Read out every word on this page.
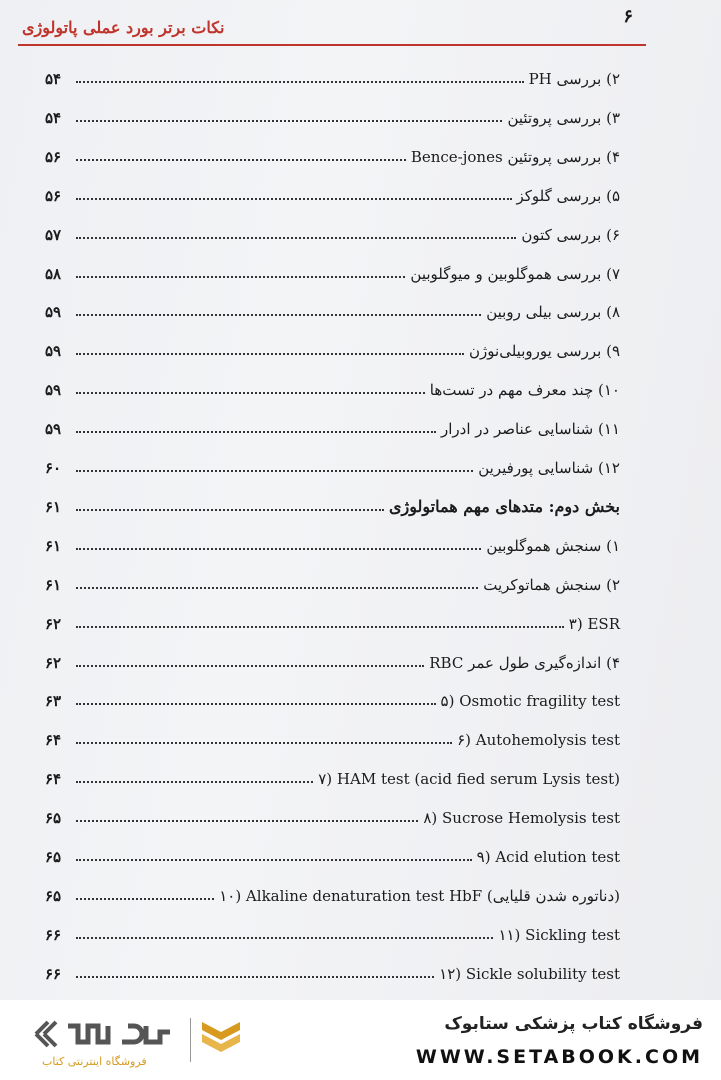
۶
نکات برتر بورد عملی پاتولوژی
۲) بررسی PH
۵۴
۳) بررسی پروتئین
۵۴
۴) بررسی پروتئین Bence-jones
۵۶
۵) بررسی گلوکز
۵۶
۶) بررسی کتون
۵۷
۷) بررسی هموگلوبین و میوگلوبین
۵۸
۸) بررسی بیلی روبین
۵۹
۹) بررسی یوروبیلی‌نوژن
۵۹
۱۰) چند معرف مهم در تست‌ها
۵۹
۱۱) شناسایی عناصر در ادرار
۵۹
۱۲) شناسایی پورفیرین
۶۰
بخش دوم: متدهای مهم هماتولوژی
۶۱
۱) سنجش هموگلوبین
۶۱
۲) سنجش هماتوکریت
۶۱
۳) ESR
۶۲
۴) اندازه‌گیری طول عمر RBC
۶۲
۵) Osmotic fragility test
۶۳
۶) Autohemolysis test
۶۴
۷) HAM test (acid fied serum Lysis test)
۶۴
۸) Sucrose Hemolysis test
۶۵
۹) Acid elution test
۶۵
۱۰) Alkaline denaturation test HbF (دناتوره شدن قلیایی)
۶۵
۱۱) Sickling test
۶۶
۱۲) Sickle solubility test
۶۶
فروشگاه اینترنتی کتاب
فروشگاه کتاب پزشکی ستابوک
WWW.SETABOOK.COM
